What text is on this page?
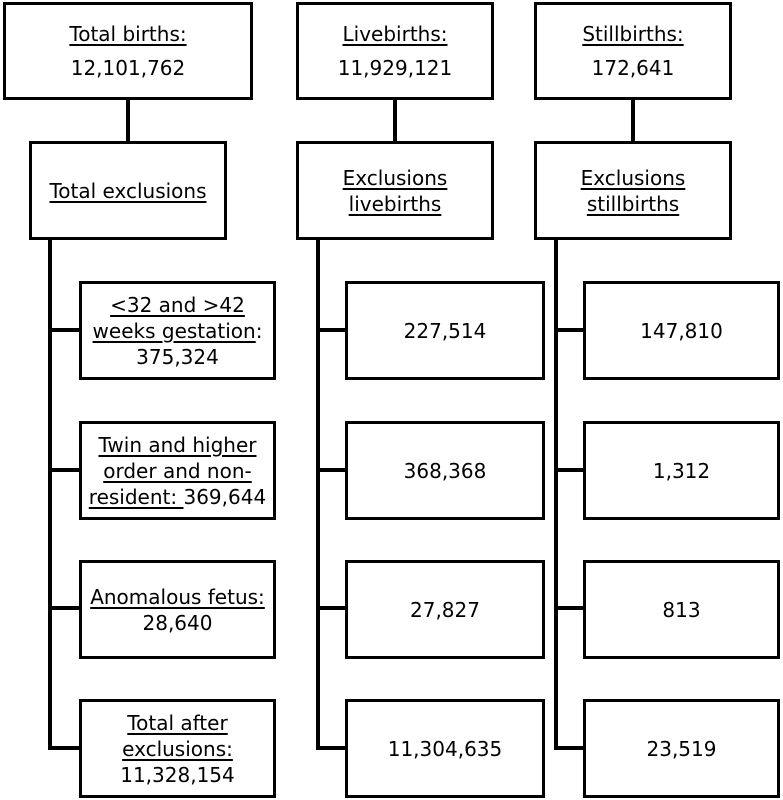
Total births:
12,101,762
Total exclusions
<32 and >42
weeks gestation:
375,324
Twin and higher
order and non-
resident: 369,644
Anomalous fetus:
28,640
Total after
exclusions:
11,328,154
Livebirths:
11,929,121
Exclusions
livebirths
227,514
368,368
27,827
11,304,635
Stillbirths:
172,641
Exclusions
stillbirths
147,810
1,312
813
23,519
